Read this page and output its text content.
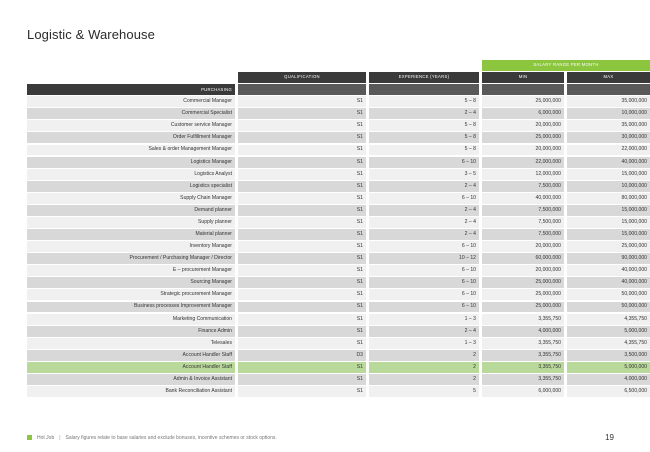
Logistic & Warehouse
SALARY RANGE PER MONTH
QUALIFICATION	EXPERIENCE (YEARS)	MIN	MAX
PURCHASING
Commercial Manager	S1	5 – 8	25,000,000	35,000,000
Commercial Specialist	S1	2 – 4	6,000,000	10,000,000
Customer service Manager	S1	5 – 8	20,000,000	35,000,000
Order Fulfillment Manager	S1	5 – 8	25,000,000	30,000,000
Sales & order Management Manager	S1	5 – 8	20,000,000	22,000,000
Logistics Manager	S1	6 – 10	22,000,000	40,000,000
Logistics Analyst	S1	3 – 5	12,000,000	15,000,000
Logistics specialist	S1	2 – 4	7,500,000	10,000,000
Supply Chain Manager	S1	6 – 10	40,000,000	80,000,000
Demand planner	S1	2 – 4	7,500,000	15,000,000
Supply planner	S1	2 – 4	7,500,000	15,000,000
Material planner	S1	2 – 4	7,500,000	15,000,000
Inventory Manager	S1	6 – 10	20,000,000	25,000,000
Procurement / Purchasing Manager / Director	S1	10 – 12	60,000,000	90,000,000
E – procurement Manager	S1	6 – 10	20,000,000	40,000,000
Sourcing Manager	S1	6 – 10	25,000,000	40,000,000
Strategic procurement Manager	S1	6 – 10	25,000,000	50,000,000
Business processes Improvement Manager	S1	6 – 10	25,000,000	50,000,000
Marketing Communication	S1	1 – 3	3,355,750	4,355,750
Finance Admin	S1	2 – 4	4,000,000	5,000,000
Telesales	S1	1 – 3	3,355,750	4,355,750
Account Handler Staff	D3	2	3,355,750	3,500,000
Account Handler Staff	S1	2	3,355,750	5,000,000
Admin & Invoice Assistant	S1	2	3,355,750	4,000,000
Bank Reconciliation Assistant	S1	5	6,000,000	6,500,000
Hot Job | Salary figures relate to base salaries and exclude bonuses, incentive schemes or stock options.	19
